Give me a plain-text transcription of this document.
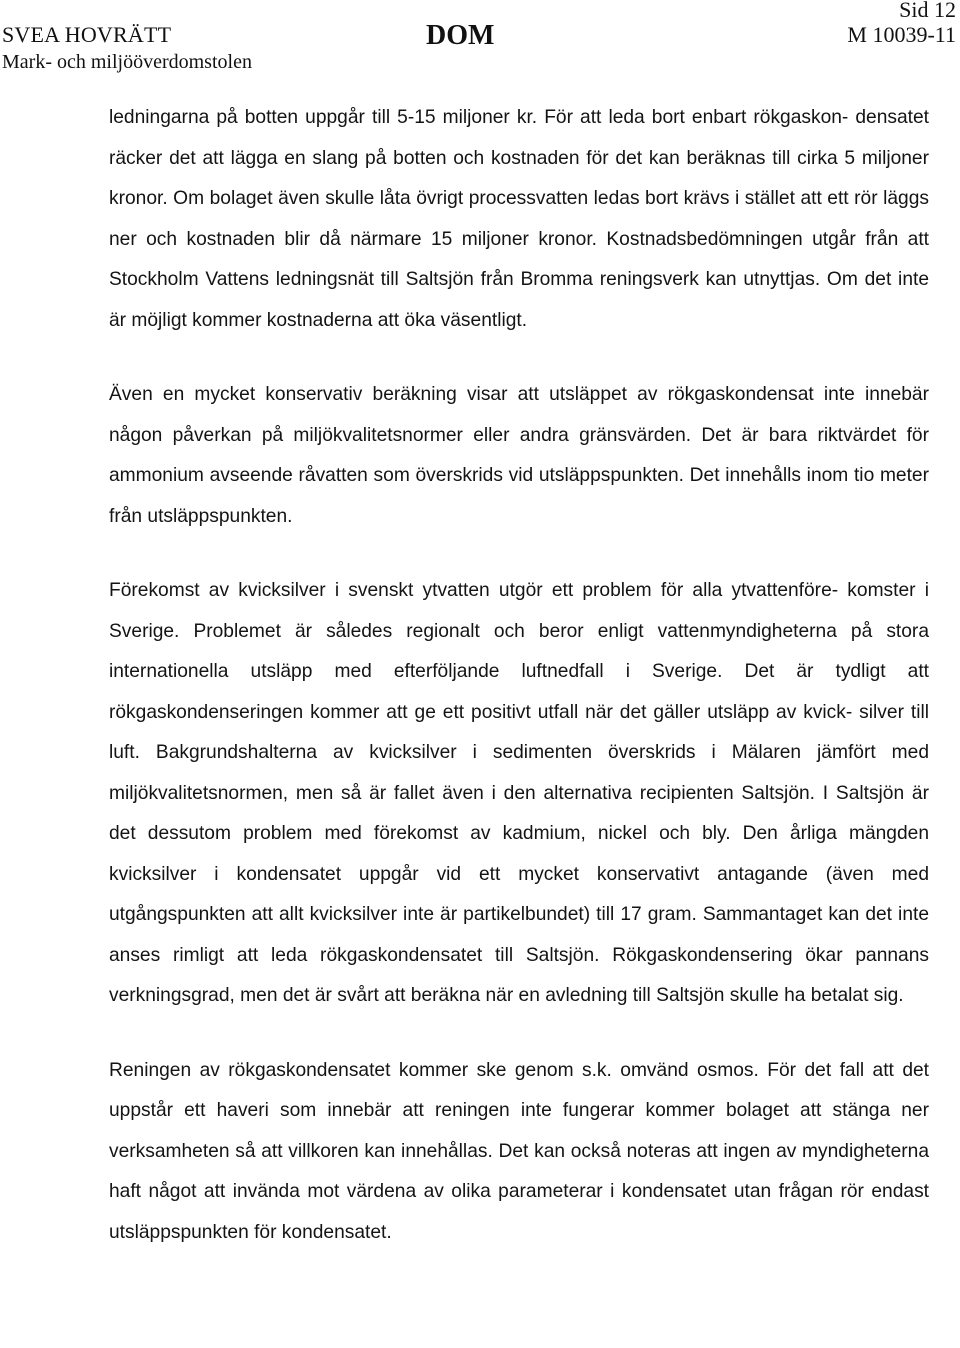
SVEA HOVRÄTT
Mark- och miljööverdomstolen
DOM
Sid 12
M 10039-11

ledningarna på botten uppgår till 5-15 miljoner kr. För att leda bort enbart rökgaskon- densatet räcker det att lägga en slang på botten och kostnaden för det kan beräknas till cirka 5 miljoner kronor. Om bolaget även skulle låta övrigt processvatten ledas bort krävs i stället att ett rör läggs ner och kostnaden blir då närmare 15 miljoner kronor. Kostnadsbedömningen utgår från att Stockholm Vattens ledningsnät till Saltsjön från Bromma reningsverk kan utnyttjas. Om det inte är möjligt kommer kostnaderna att öka väsentligt.

Även en mycket konservativ beräkning visar att utsläppet av rökgaskondensat inte innebär någon påverkan på miljökvalitetsnormer eller andra gränsvärden. Det är bara riktvärdet för ammonium avseende råvatten som överskrids vid utsläppspunkten. Det innehålls inom tio meter från utsläppspunkten.

Förekomst av kvicksilver i svenskt ytvatten utgör ett problem för alla ytvattenföre- komster i Sverige. Problemet är således regionalt och beror enligt vattenmyndigheterna på stora internationella utsläpp med efterföljande luftnedfall i Sverige. Det är tydligt att rökgaskondenseringen kommer att ge ett positivt utfall när det gäller utsläpp av kvick- silver till luft. Bakgrundshalterna av kvicksilver i sedimenten överskrids i Mälaren jämfört med miljökvalitetsnormen, men så är fallet även i den alternativa recipienten Saltsjön. I Saltsjön är det dessutom problem med förekomst av kadmium, nickel och bly. Den årliga mängden kvicksilver i kondensatet uppgår vid ett mycket konservativt antagande (även med utgångspunkten att allt kvicksilver inte är partikelbundet) till 17 gram. Sammantaget kan det inte anses rimligt att leda rökgaskondensatet till Saltsjön. Rökgaskondensering ökar pannans verkningsgrad, men det är svårt att beräkna när en avledning till Saltsjön skulle ha betalat sig.

Reningen av rökgaskondensatet kommer ske genom s.k. omvänd osmos. För det fall att det uppstår ett haveri som innebär att reningen inte fungerar kommer bolaget att stänga ner verksamheten så att villkoren kan innehållas. Det kan också noteras att ingen av myndigheterna haft något att invända mot värdena av olika parameterar i kondensatet utan frågan rör endast utsläppspunkten för kondensatet.
